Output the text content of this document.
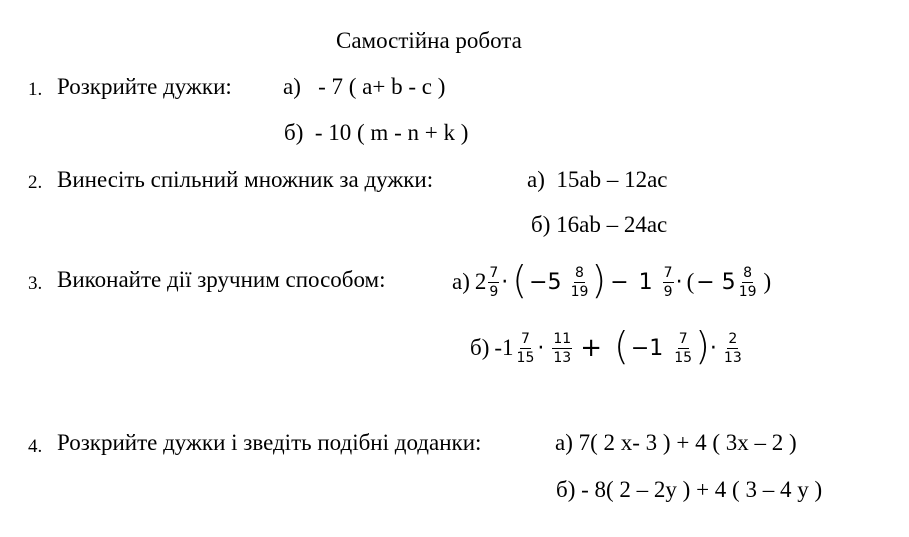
Самостійна робота
1. Розкрийте дужки: а)   - 7 ( a+ b - c )
б)  - 10 ( m - n + k )
2. Винесіть спільний множник за дужки:	а)  15ab – 12ac
б) 16ab – 24ac
3. Виконайте дії зручним способом:	а) $2 \frac{7}{9}$ · ( $-5 \frac{8}{19}$ ) − $1 \frac{7}{9}$ · ( − $5 \frac{8}{19}$ )
б) $-1 \frac{7}{15} \cdot \frac{11}{13}$ + ( $-1 \frac{7}{15}$ ) · $\frac{2}{13}$
4. Розкрийте дужки і зведіть подібні доданки:	а) 7( 2 x- 3 ) + 4 ( 3x – 2 )
б) - 8( 2 – 2y ) + 4 ( 3 – 4 y )
